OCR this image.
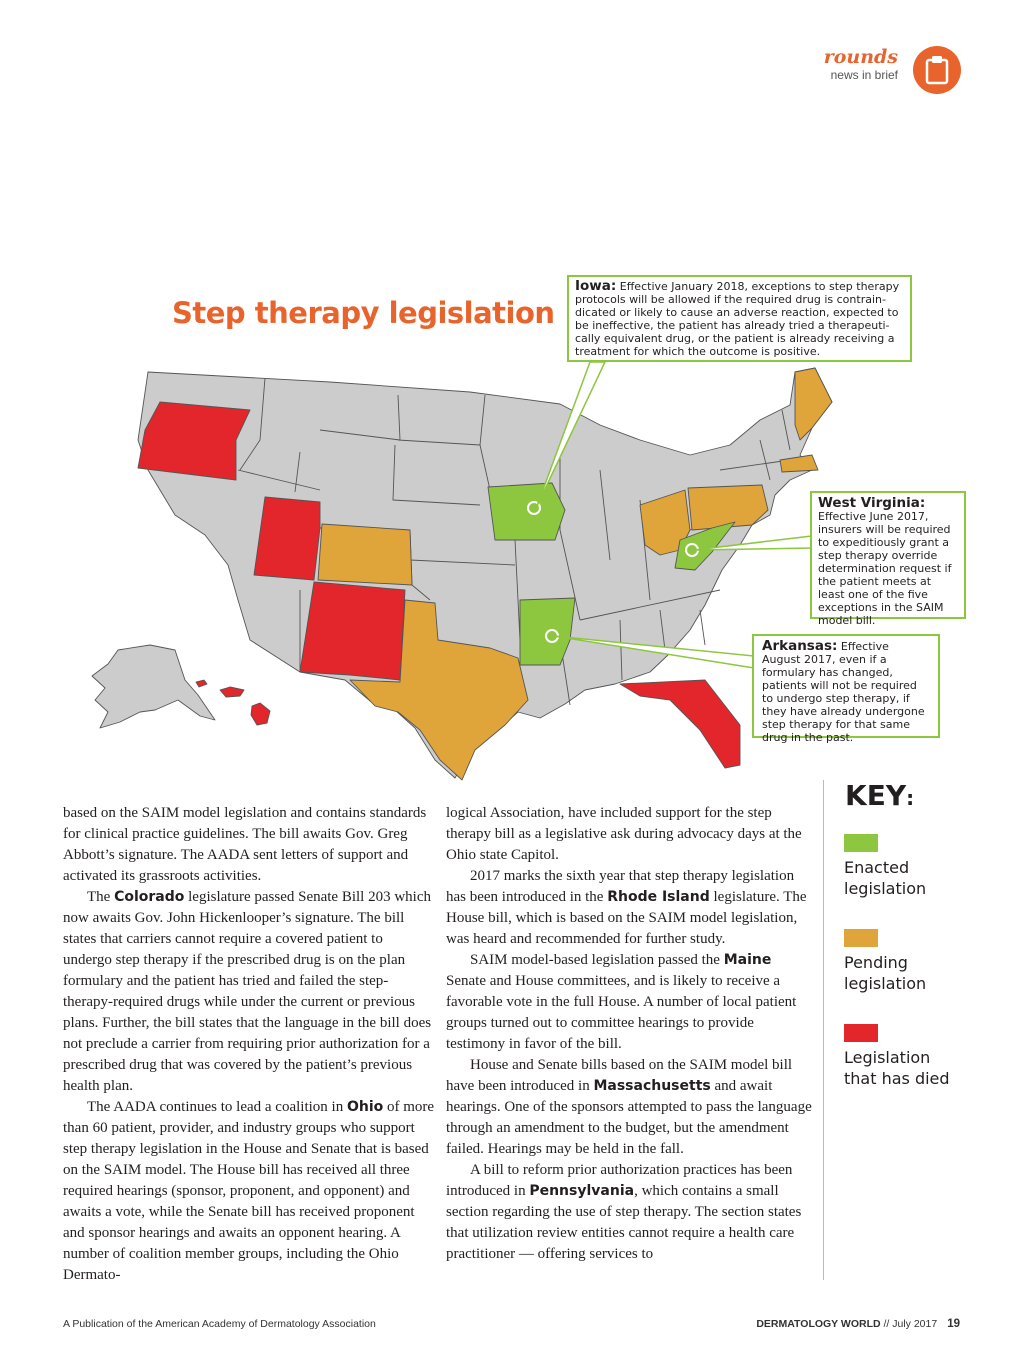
rounds
news in brief
Step therapy legislation
Iowa: Effective January 2018, exceptions to step therapy protocols will be allowed if the required drug is contrain-dicated or likely to cause an adverse reaction, expected to be ineffective, the patient has already tried a therapeuti-cally equivalent drug, or the patient is already receiving a treatment for which the outcome is positive.
West Virginia:
Effective June 2017, insurers will be required to expeditiously grant a step therapy override determination request if the patient meets at least one of the five exceptions in the SAIM model bill.
Arkansas: Effective August 2017, even if a formulary has changed, patients will not be required to undergo step therapy, if they have already undergone step therapy for that same drug in the past.
KEY:
Enacted
legislation
Pending
legislation
Legislation
that has died

based on the SAIM model legislation and contains standards for clinical practice guidelines. The bill awaits Gov. Greg Abbott’s signature. The AADA sent letters of support and activated its grassroots activities.

The Colorado legislature passed Senate Bill 203 which now awaits Gov. John Hickenlooper’s signature. The bill states that carriers cannot require a covered patient to undergo step therapy if the prescribed drug is on the plan formulary and the patient has tried and failed the step-therapy-required drugs while under the current or previous plans. Further, the bill states that the language in the bill does not preclude a carrier from requiring prior authorization for a prescribed drug that was covered by the patient’s previous health plan.

The AADA continues to lead a coalition in Ohio of more than 60 patient, provider, and industry groups who support step therapy legislation in the House and Senate that is based on the SAIM model. The House bill has received all three required hearings (sponsor, proponent, and opponent) and awaits a vote, while the Senate bill has received proponent and sponsor hearings and awaits an opponent hearing. A number of coalition member groups, including the Ohio Dermato-

logical Association, have included support for the step therapy bill as a legislative ask during advocacy days at the Ohio state Capitol.

2017 marks the sixth year that step therapy legislation has been introduced in the Rhode Island legislature. The House bill, which is based on the SAIM model legislation, was heard and recommended for further study.

SAIM model-based legislation passed the Maine Senate and House committees, and is likely to receive a favorable vote in the full House. A number of local patient groups turned out to committee hearings to provide testimony in favor of the bill.

House and Senate bills based on the SAIM model bill have been introduced in Massachusetts and await hearings. One of the sponsors attempted to pass the language through an amendment to the budget, but the amendment failed. Hearings may be held in the fall.

A bill to reform prior authorization practices has been introduced in Pennsylvania, which contains a small section regarding the use of step therapy. The section states that utilization review entities cannot require a health care practitioner — offering services to

A Publication of the American Academy of Dermatology Association	DERMATOLOGY WORLD // July 2017 19
